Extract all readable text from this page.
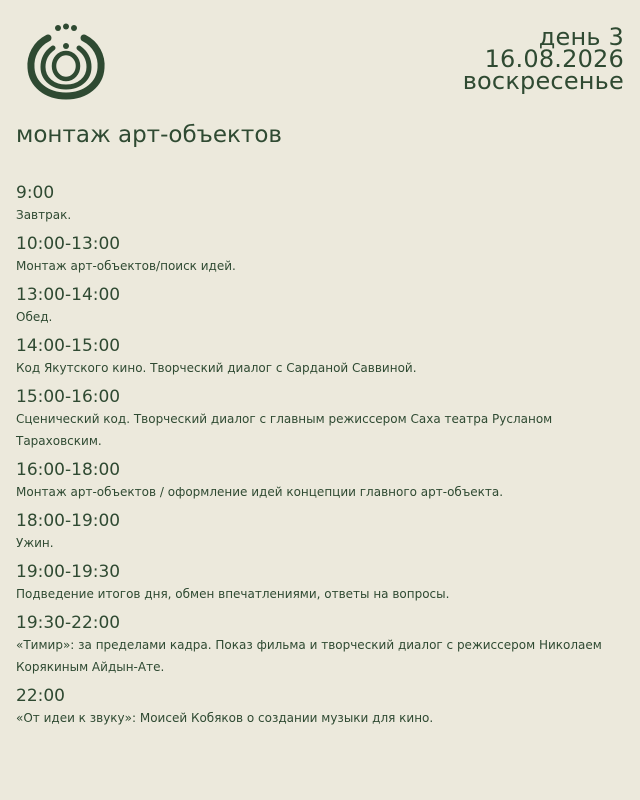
день 3
16.08.2026
воскресенье
монтаж арт-объектов
9:00
Завтрак.
10:00-13:00
Монтаж арт-объектов/поиск идей.
13:00-14:00
Обед.
14:00-15:00
Код Якутского кино. Творческий диалог с Сарданой Саввиной.
15:00-16:00
Сценический код. Творческий диалог с главным режиссером Саха театра Русланом Тараховским.
16:00-18:00
Монтаж арт-объектов / оформление идей концепции главного арт-объекта.
18:00-19:00
Ужин.
19:00-19:30
Подведение итогов дня, обмен впечатлениями, ответы на вопросы.
19:30-22:00
«Тимир»: за пределами кадра. Показ фильма и творческий диалог с режиссером Николаем Корякиным Айдын-Ате.
22:00
«От идеи к звуку»: Моисей Кобяков о создании музыки для кино.
